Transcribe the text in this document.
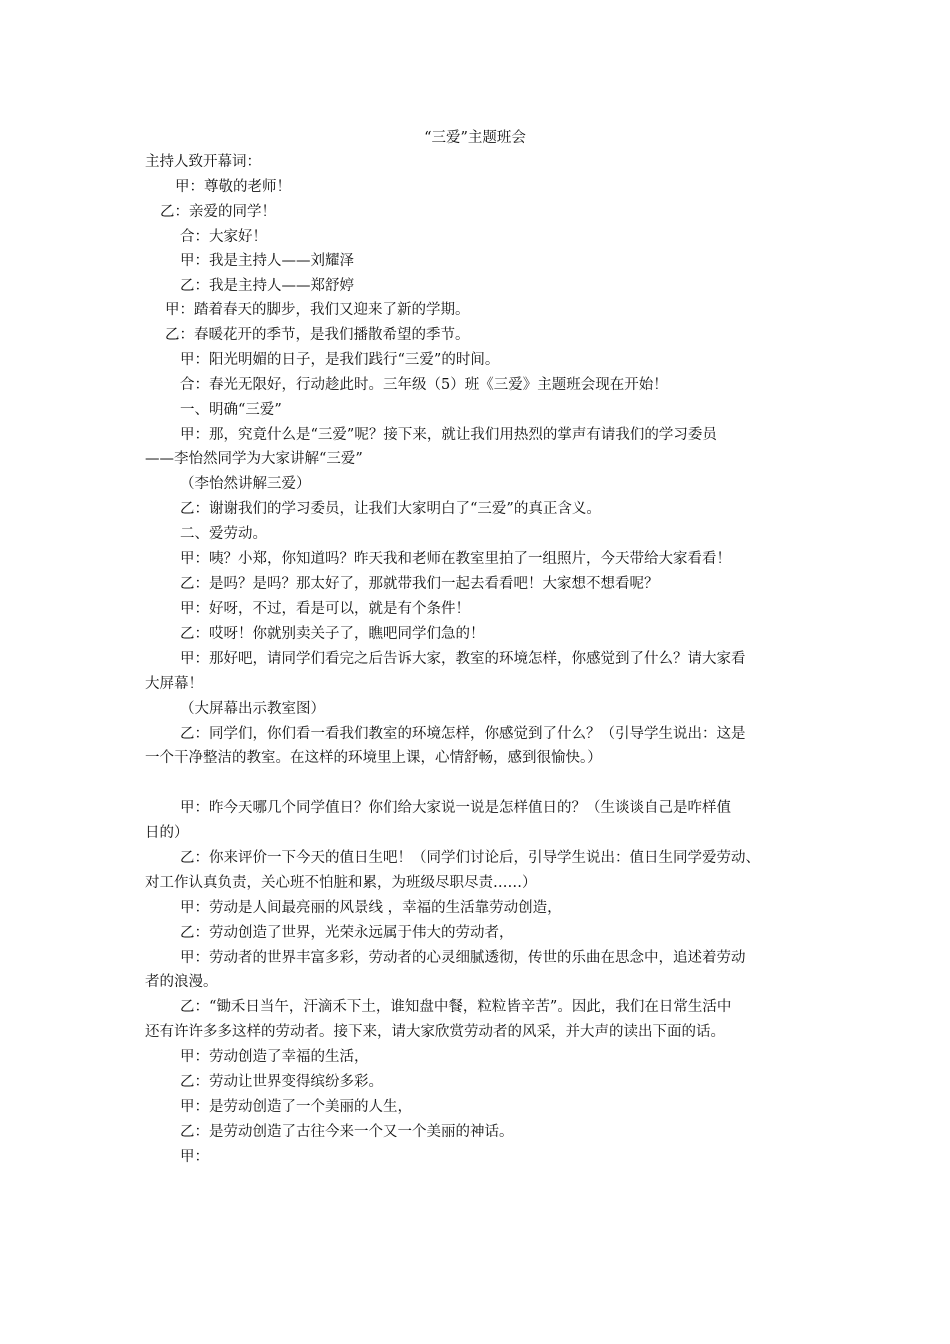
“三爱”主题班会
主持人致开幕词：
甲：尊敬的老师！
乙：亲爱的同学！
合：大家好！
甲：我是主持人——刘耀泽
乙：我是主持人——郑舒婷
甲：踏着春天的脚步，我们又迎来了新的学期。
乙：春暖花开的季节，是我们播散希望的季节。
甲：阳光明媚的日子，是我们践行“三爱”的时间。
合：春光无限好，行动趁此时。三年级（5）班《三爱》主题班会现在开始！
一、明确“三爱”
甲：那，究竟什么是“三爱”呢？接下来，就让我们用热烈的掌声有请我们的学习委员
——李怡然同学为大家讲解“三爱”
（李怡然讲解三爱）
乙：谢谢我们的学习委员，让我们大家明白了“三爱”的真正含义。
二、爱劳动。
甲：咦？小郑，你知道吗？昨天我和老师在教室里拍了一组照片，今天带给大家看看！
乙：是吗？是吗？那太好了，那就带我们一起去看看吧！大家想不想看呢？
甲：好呀，不过，看是可以，就是有个条件！
乙：哎呀！你就别卖关子了，瞧吧同学们急的！
甲：那好吧，请同学们看完之后告诉大家，教室的环境怎样，你感觉到了什么？请大家看
大屏幕！
（大屏幕出示教室图）
乙：同学们，你们看一看我们教室的环境怎样，你感觉到了什么？（引导学生说出：这是
一个干净整洁的教室。在这样的环境里上课，心情舒畅，感到很愉快。）
甲：昨今天哪几个同学值日？你们给大家说一说是怎样值日的？（生谈谈自己是咋样值
日的）
乙：你来评价一下今天的值日生吧！（同学们讨论后，引导学生说出：值日生同学爱劳动、
对工作认真负责，关心班不怕脏和累，为班级尽职尽责……）
甲：劳动是人间最亮丽的风景线 ，幸福的生活靠劳动创造，
乙：劳动创造了世界，光荣永远属于伟大的劳动者，
甲：劳动者的世界丰富多彩，劳动者的心灵细腻透彻，传世的乐曲在思念中，追述着劳动
者的浪漫。
乙：“锄禾日当午，汗滴禾下土，谁知盘中餐，粒粒皆辛苦”。因此，我们在日常生活中
还有许许多多这样的劳动者。接下来，请大家欣赏劳动者的风采，并大声的读出下面的话。
甲：劳动创造了幸福的生活，
乙：劳动让世界变得缤纷多彩。
甲：是劳动创造了一个美丽的人生，
乙：是劳动创造了古往今来一个又一个美丽的神话。
甲：
